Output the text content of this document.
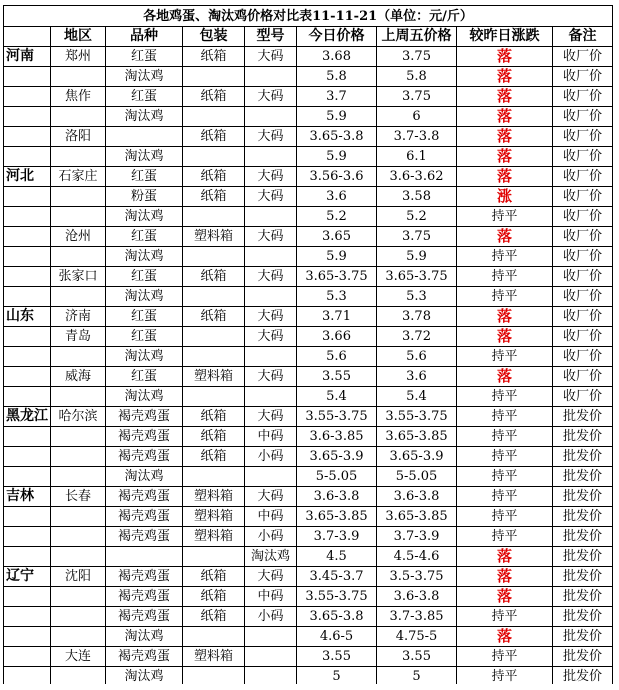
各地鸡蛋、淘汰鸡价格对比表11-11-21（单位：元/斤）								
	地区	品种	包装	型号	今日价格	上周五价格	较昨日涨跌	备注
河南	郑州	红蛋	纸箱	大码	3.68	3.75	落	收厂价
		淘汰鸡			5.8	5.8	落	收厂价
	焦作	红蛋	纸箱	大码	3.7	3.75	落	收厂价
		淘汰鸡			5.9	6	落	收厂价
	洛阳		纸箱	大码	3.65-3.8	3.7-3.8	落	收厂价
		淘汰鸡			5.9	6.1	落	收厂价
河北	石家庄	红蛋	纸箱	大码	3.56-3.6	3.6-3.62	落	收厂价
		粉蛋	纸箱	大码	3.6	3.58	涨	收厂价
		淘汰鸡			5.2	5.2	持平	收厂价
	沧州	红蛋	塑料箱	大码	3.65	3.75	落	收厂价
		淘汰鸡			5.9	5.9	持平	收厂价
	张家口	红蛋	纸箱	大码	3.65-3.75	3.65-3.75	持平	收厂价
		淘汰鸡			5.3	5.3	持平	收厂价
山东	济南	红蛋	纸箱	大码	3.71	3.78	落	收厂价
	青岛	红蛋		大码	3.66	3.72	落	收厂价
		淘汰鸡			5.6	5.6	持平	收厂价
	威海	红蛋	塑料箱	大码	3.55	3.6	落	收厂价
		淘汰鸡			5.4	5.4	持平	收厂价
黑龙江	哈尔滨	褐壳鸡蛋	纸箱	大码	3.55-3.75	3.55-3.75	持平	批发价
		褐壳鸡蛋	纸箱	中码	3.6-3.85	3.65-3.85	持平	批发价
		褐壳鸡蛋	纸箱	小码	3.65-3.9	3.65-3.9	持平	批发价
		淘汰鸡			5-5.05	5-5.05	持平	批发价
吉林	长春	褐壳鸡蛋	塑料箱	大码	3.6-3.8	3.6-3.8	持平	批发价
		褐壳鸡蛋	塑料箱	中码	3.65-3.85	3.65-3.85	持平	批发价
		褐壳鸡蛋	塑料箱	小码	3.7-3.9	3.7-3.9	持平	批发价
				淘汰鸡	4.5	4.5-4.6	落	批发价
辽宁	沈阳	褐壳鸡蛋	纸箱	大码	3.45-3.7	3.5-3.75	落	批发价
		褐壳鸡蛋	纸箱	中码	3.55-3.75	3.6-3.8	落	批发价
		褐壳鸡蛋	纸箱	小码	3.65-3.8	3.7-3.85	持平	批发价
		淘汰鸡			4.6-5	4.75-5	落	批发价
	大连	褐壳鸡蛋	塑料箱		3.55	3.55	持平	批发价
		淘汰鸡			5	5	持平	批发价
